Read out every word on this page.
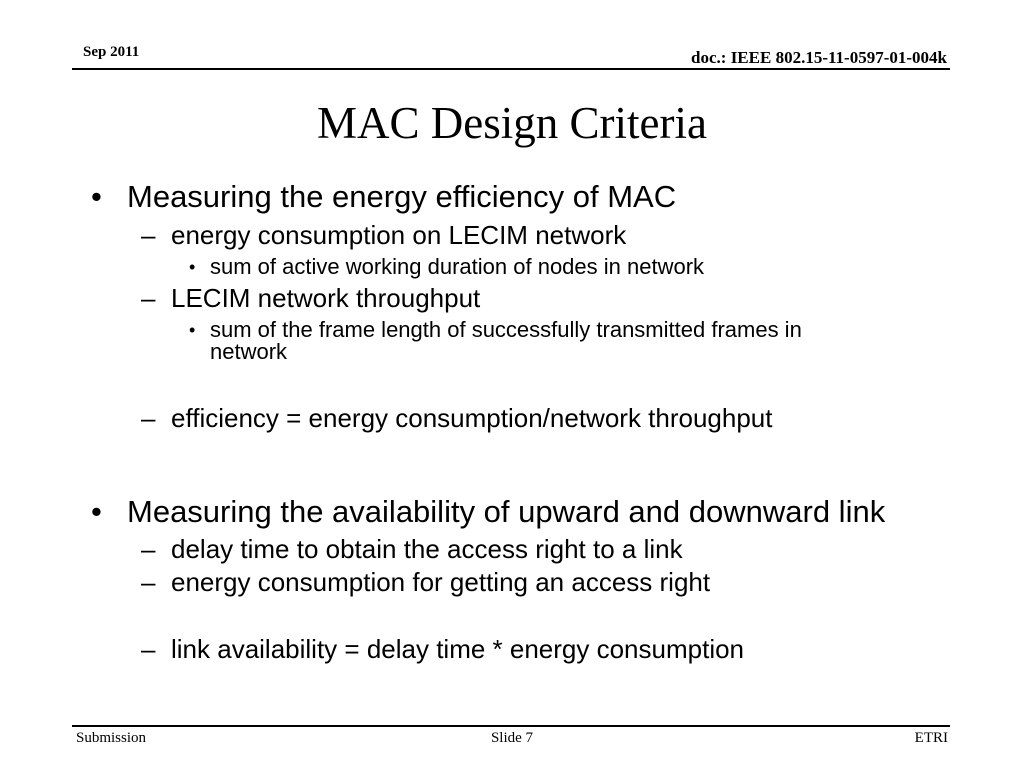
Sep 2011	doc.: IEEE 802.15-11-0597-01-004k
MAC Design Criteria
• Measuring the energy efficiency of MAC
– energy consumption on LECIM network
• sum of active working duration of nodes in network
– LECIM network throughput
• sum of the frame length of successfully transmitted frames in
network
– efficiency = energy consumption/network throughput
• Measuring the availability of upward and downward link
– delay time to obtain the access right to a link
– energy consumption for getting an access right
– link availability = delay time * energy consumption
Submission	Slide 7	ETRI
